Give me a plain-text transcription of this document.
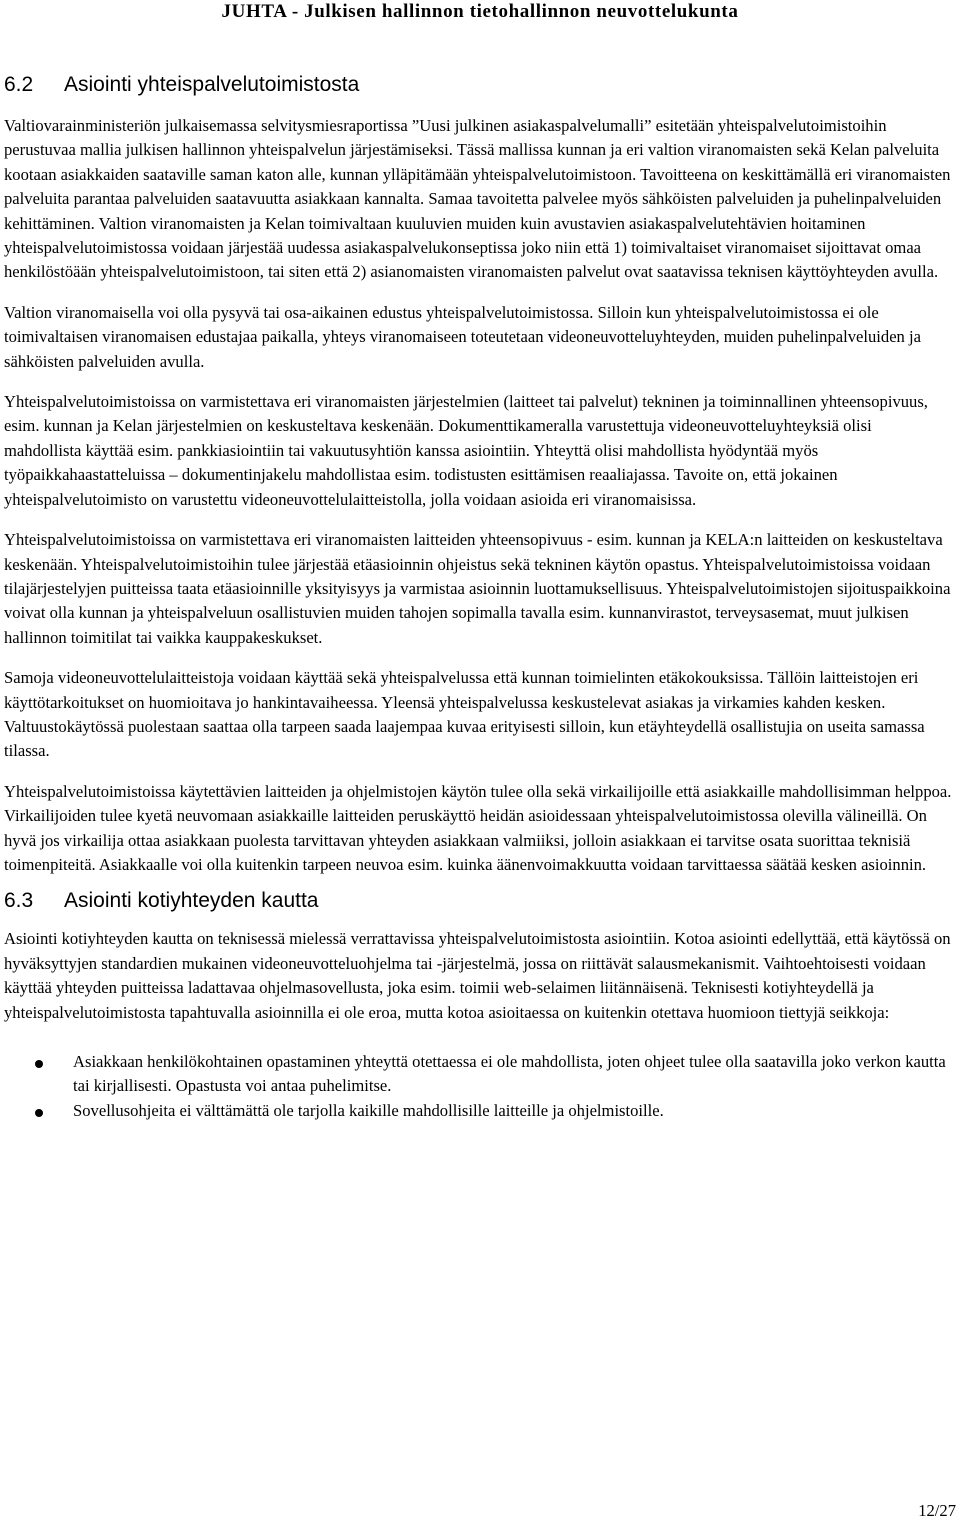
JUHTA - Julkisen hallinnon tietohallinnon neuvottelukunta
6.2 Asiointi yhteispalvelutoimistosta

Valtiovarainministeriön julkaisemassa selvitysmiesraportissa ”Uusi julkinen asiakaspalvelumalli” esitetään yhteispalvelutoimistoihin perustuvaa mallia julkisen hallinnon yhteispalvelun järjestämiseksi. Tässä mallissa kunnan ja eri valtion viranomaisten sekä Kelan palveluita kootaan asiakkaiden saataville saman katon alle, kunnan ylläpitämään yhteispalvelutoimistoon. Tavoitteena on keskittämällä eri viranomaisten palveluita parantaa palveluiden saatavuutta asiakkaan kannalta. Samaa tavoitetta palvelee myös sähköisten palveluiden ja puhelinpalveluiden kehittäminen. Valtion viranomaisten ja Kelan toimivaltaan kuuluvien muiden kuin avustavien asiakaspalvelutehtävien hoitaminen yhteispalvelutoimistossa voidaan järjestää uudessa asiakaspalvelukonseptissa joko niin että 1) toimivaltaiset viranomaiset sijoittavat omaa henkilöstöään yhteispalvelutoimistoon, tai siten että 2) asianomaisten viranomaisten palvelut ovat saatavissa teknisen käyttöyhteyden avulla.

Valtion viranomaisella voi olla pysyvä tai osa-aikainen edustus yhteispalvelutoimistossa. Silloin kun yhteispalvelutoimistossa ei ole toimivaltaisen viranomaisen edustajaa paikalla, yhteys viranomaiseen toteutetaan videoneuvotteluyhteyden, muiden puhelinpalveluiden ja sähköisten palveluiden avulla.

Yhteispalvelutoimistoissa on varmistettava eri viranomaisten järjestelmien (laitteet tai palvelut) tekninen ja toiminnallinen yhteensopivuus, esim. kunnan ja Kelan järjestelmien on keskusteltava keskenään. Dokumenttikameralla varustettuja videoneuvotteluyhteyksiä olisi mahdollista käyttää esim. pankkiasiointiin tai vakuutusyhtiön kanssa asiointiin. Yhteyttä olisi mahdollista hyödyntää myös työpaikkahaastatteluissa – dokumentinjakelu mahdollistaa esim. todistusten esittämisen reaaliajassa. Tavoite on, että jokainen yhteispalvelutoimisto on varustettu videoneuvottelulaitteistolla, jolla voidaan asioida eri viranomaisissa.

Yhteispalvelutoimistoissa on varmistettava eri viranomaisten laitteiden yhteensopivuus - esim. kunnan ja KELA:n laitteiden on keskusteltava keskenään. Yhteispalvelutoimistoihin tulee järjestää etäasioinnin ohjeistus sekä tekninen käytön opastus. Yhteispalvelutoimistoissa voidaan tilajärjestelyjen puitteissa taata etäasioinnille yksityisyys ja varmistaa asioinnin luottamuksellisuus. Yhteispalvelutoimistojen sijoituspaikkoina voivat olla kunnan ja yhteispalveluun osallistuvien muiden tahojen sopimalla tavalla esim. kunnanvirastot, terveysasemat, muut julkisen hallinnon toimitilat tai vaikka kauppakeskukset.

Samoja videoneuvottelulaitteistoja voidaan käyttää sekä yhteispalvelussa että kunnan toimielinten etäkokouksissa. Tällöin laitteistojen eri käyttötarkoitukset on huomioitava jo hankintavaiheessa. Yleensä yhteispalvelussa keskustelevat asiakas ja virkamies kahden kesken. Valtuustokäytössä puolestaan saattaa olla tarpeen saada laajempaa kuvaa erityisesti silloin, kun etäyhteydellä osallistujia on useita samassa tilassa.

Yhteispalvelutoimistoissa käytettävien laitteiden ja ohjelmistojen käytön tulee olla sekä virkailijoille että asiakkaille mahdollisimman helppoa. Virkailijoiden tulee kyetä neuvomaan asiakkaille laitteiden peruskäyttö heidän asioidessaan yhteispalvelutoimistossa olevilla välineillä. On hyvä jos virkailija ottaa asiakkaan puolesta tarvittavan yhteyden asiakkaan valmiiksi, jolloin asiakkaan ei tarvitse osata suorittaa teknisiä toimenpiteitä. Asiakkaalle voi olla kuitenkin tarpeen neuvoa esim. kuinka äänenvoimakkuutta voidaan tarvittaessa säätää kesken asioinnin.

6.3 Asiointi kotiyhteyden kautta

Asiointi kotiyhteyden kautta on teknisessä mielessä verrattavissa yhteispalvelutoimistosta asiointiin. Kotoa asiointi edellyttää, että käytössä on hyväksyttyjen standardien mukainen videoneuvotteluohjelma tai -järjestelmä, jossa on riittävät salausmekanismit. Vaihtoehtoisesti voidaan käyttää yhteyden puitteissa ladattavaa ohjelmasovellusta, joka esim. toimii web-selaimen liitännäisenä. Teknisesti kotiyhteydellä ja yhteispalvelutoimistosta tapahtuvalla asioinnilla ei ole eroa, mutta kotoa asioitaessa on kuitenkin otettava huomioon tiettyjä seikkoja:

Asiakkaan henkilökohtainen opastaminen yhteyttä otettaessa ei ole mahdollista, joten ohjeet tulee olla saatavilla joko verkon kautta tai kirjallisesti. Opastusta voi antaa puhelimitse.
Sovellusohjeita ei välttämättä ole tarjolla kaikille mahdollisille laitteille ja ohjelmistoille.
12/27
